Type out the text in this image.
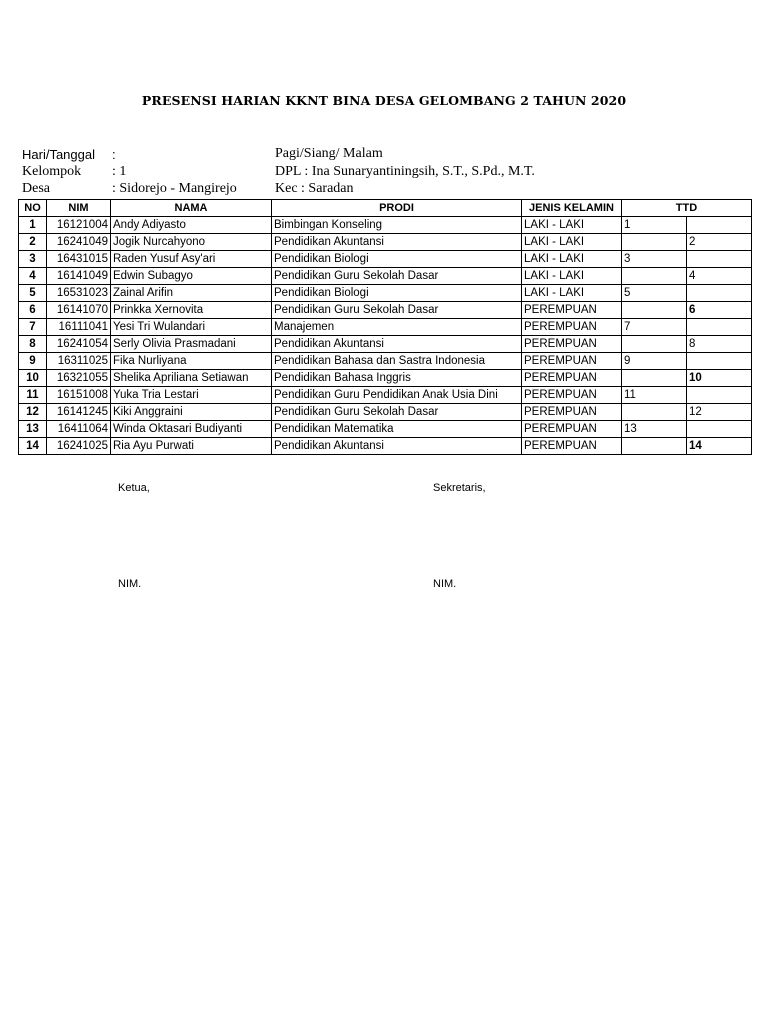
PRESENSI HARIAN KKNT BINA DESA GELOMBANG 2 TAHUN 2020
Hari/Tanggal :	Pagi/Siang/ Malam
Kelompok : 1	DPL : Ina Sunaryantiningsih, S.T., S.Pd., M.T.
Desa	: Sidorejo - Mangirejo	Kec : Saradan
NO	NIM	NAMA	PRODI	JENIS KELAMIN	TTD	
1	16121004	Andy Adiyasto	Bimbingan Konseling	LAKI - LAKI	1	
2	16241049	Jogik Nurcahyono	Pendidikan Akuntansi	LAKI - LAKI		2
3	16431015	Raden Yusuf Asy'ari	Pendidikan Biologi	LAKI - LAKI	3	
4	16141049	Edwin Subagyo	Pendidikan Guru Sekolah Dasar	LAKI - LAKI		4
5	16531023	Zainal Arifin	Pendidikan Biologi	LAKI - LAKI	5	
6	16141070	Prinkka Xernovita	Pendidikan Guru Sekolah Dasar	PEREMPUAN		6
7	16111041	Yesi Tri Wulandari	Manajemen	PEREMPUAN	7	
8	16241054	Serly Olivia Prasmadani	Pendidikan Akuntansi	PEREMPUAN		8
9	16311025	Fika Nurliyana	Pendidikan Bahasa dan Sastra Indonesia	PEREMPUAN	9	
10	16321055	Shelika Apriliana Setiawan	Pendidikan Bahasa Inggris	PEREMPUAN		10
11	16151008	Yuka Tria Lestari	Pendidikan Guru Pendidikan Anak Usia Dini	PEREMPUAN	11	
12	16141245	Kiki Anggraini	Pendidikan Guru Sekolah Dasar	PEREMPUAN		12
13	16411064	Winda Oktasari Budiyanti	Pendidikan Matematika	PEREMPUAN	13	
14	16241025	Ria Ayu Purwati	Pendidikan Akuntansi	PEREMPUAN		14
Ketua,	Sekretaris,
NIM.	NIM.
